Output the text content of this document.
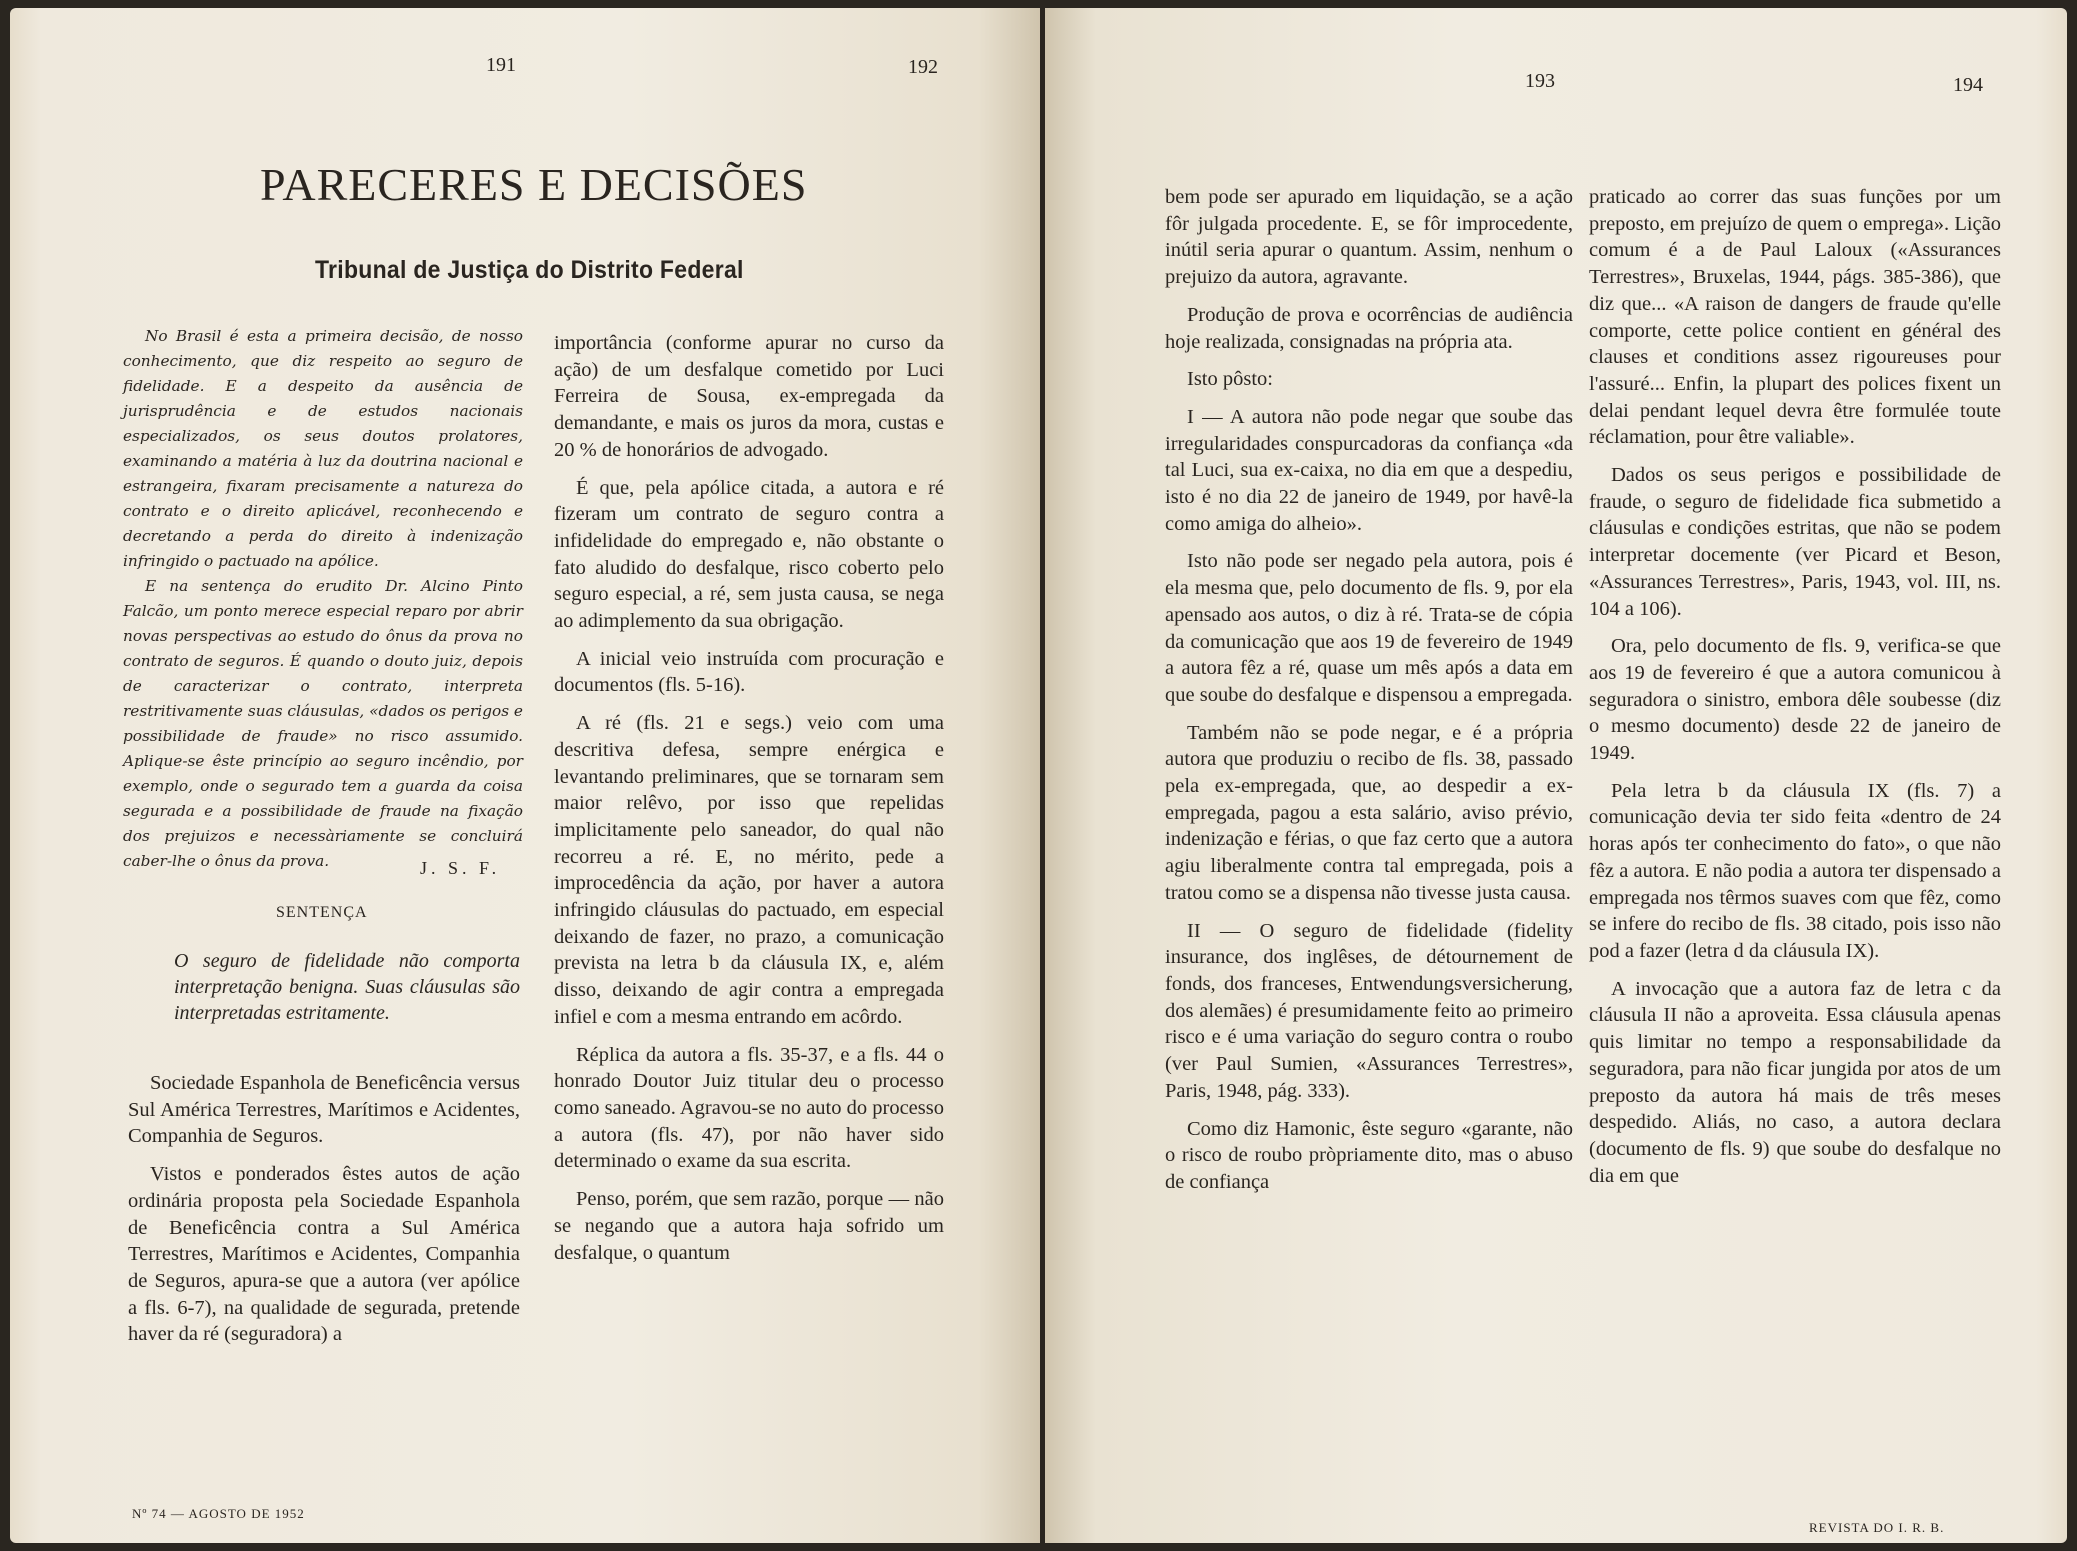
191	192
PARECERES E DECISÕES
Tribunal de Justiça do Distrito Federal

No Brasil é esta a primeira decisão, de nosso conhecimento, que diz respeito ao seguro de fidelidade. E a despeito da ausência de jurisprudência e de estudos nacionais especializados, os seus doutos prolatores, examinando a matéria à luz da doutrina nacional e estrangeira, fixaram precisamente a natureza do contrato e o direito aplicável, reconhecendo e decretando a perda do direito à indenização infringido o pactuado na apólice.

E na sentença do erudito Dr. Alcino Pinto Falcão, um ponto merece especial reparo por abrir novas perspectivas ao estudo do ônus da prova no contrato de seguros. É quando o douto juiz, depois de caracterizar o contrato, interpreta restritivamente suas cláusulas, «dados os perigos e possibilidade de fraude» no risco assumido. Aplique-se êste princípio ao seguro incêndio, por exemplo, onde o segurado tem a guarda da coisa segurada e a possibilidade de fraude na fixação dos prejuizos e necessàriamente se concluirá caber-lhe o ônus da prova.	J. S. F.
SENTENÇA
O seguro de fidelidade não comporta interpretação benigna. Suas cláusulas são interpretadas estritamente.

Sociedade Espanhola de Beneficência versus Sul América Terrestres, Marítimos e Acidentes, Companhia de Seguros.

Vistos e ponderados êstes autos de ação ordinária proposta pela Sociedade Espanhola de Beneficência contra a Sul América Terrestres, Marítimos e Acidentes, Companhia de Seguros, apura-se que a autora (ver apólice a fls. 6-7), na qualidade de segurada, pretende haver da ré (seguradora) a

importância (conforme apurar no curso da ação) de um desfalque cometido por Luci Ferreira de Sousa, ex-empregada da demandante, e mais os juros da mora, custas e 20 % de honorários de advogado.

É que, pela apólice citada, a autora e ré fizeram um contrato de seguro contra a infidelidade do empregado e, não obstante o fato aludido do desfalque, risco coberto pelo seguro especial, a ré, sem justa causa, se nega ao adimplemento da sua obrigação.

A inicial veio instruída com procuração e documentos (fls. 5-16).

A ré (fls. 21 e segs.) veio com uma descritiva defesa, sempre enérgica e levantando preliminares, que se tornaram sem maior relêvo, por isso que repelidas implicitamente pelo saneador, do qual não recorreu a ré. E, no mérito, pede a improcedência da ação, por haver a autora infringido cláusulas do pactuado, em especial deixando de fazer, no prazo, a comunicação prevista na letra b da cláusula IX, e, além disso, deixando de agir contra a empregada infiel e com a mesma entrando em acôrdo.

Réplica da autora a fls. 35-37, e a fls. 44 o honrado Doutor Juiz titular deu o processo como saneado. Agravou-se no auto do processo a autora (fls. 47), por não haver sido determinado o exame da sua escrita.

Penso, porém, que sem razão, porque — não se negando que a autora haja sofrido um desfalque, o quantum

Nº 74 — AGOSTO DE 1952
193	194

bem pode ser apurado em liquidação, se a ação fôr julgada procedente. E, se fôr improcedente, inútil seria apurar o quantum. Assim, nenhum o prejuizo da autora, agravante.

Produção de prova e ocorrências de audiência hoje realizada, consignadas na própria ata.

Isto pôsto:

I — A autora não pode negar que soube das irregularidades conspurcadoras da confiança «da tal Luci, sua ex-caixa, no dia em que a despediu, isto é no dia 22 de janeiro de 1949, por havê-la como amiga do alheio».

Isto não pode ser negado pela autora, pois é ela mesma que, pelo documento de fls. 9, por ela apensado aos autos, o diz à ré. Trata-se de cópia da comunicação que aos 19 de fevereiro de 1949 a autora fêz a ré, quase um mês após a data em que soube do desfalque e dispensou a empregada.

Também não se pode negar, e é a própria autora que produziu o recibo de fls. 38, passado pela ex-empregada, que, ao despedir a ex-empregada, pagou a esta salário, aviso prévio, indenização e férias, o que faz certo que a autora agiu liberalmente contra tal empregada, pois a tratou como se a dispensa não tivesse justa causa.

II — O seguro de fidelidade (fidelity insurance, dos inglêses, de détournement de fonds, dos franceses, Entwendungsversicherung, dos alemães) é presumidamente feito ao primeiro risco e é uma variação do seguro contra o roubo (ver Paul Sumien, «Assurances Terrestres», Paris, 1948, pág. 333).

Como diz Hamonic, êste seguro «garante, não o risco de roubo pròpriamente dito, mas o abuso de confiança

praticado ao correr das suas funções por um preposto, em prejuízo de quem o emprega». Lição comum é a de Paul Laloux («Assurances Terrestres», Bruxelas, 1944, págs. 385-386), que diz que... «A raison de dangers de fraude qu'elle comporte, cette police contient en général des clauses et conditions assez rigoureuses pour l'assuré... Enfin, la plupart des polices fixent un delai pendant lequel devra être formulée toute réclamation, pour être valiable».

Dados os seus perigos e possibilidade de fraude, o seguro de fidelidade fica submetido a cláusulas e condições estritas, que não se podem interpretar docemente (ver Picard et Beson, «Assurances Terrestres», Paris, 1943, vol. III, ns. 104 a 106).

Ora, pelo documento de fls. 9, verifica-se que aos 19 de fevereiro é que a autora comunicou à seguradora o sinistro, embora dêle soubesse (diz o mesmo documento) desde 22 de janeiro de 1949.

Pela letra b da cláusula IX (fls. 7) a comunicação devia ter sido feita «dentro de 24 horas após ter conhecimento do fato», o que não fêz a autora. E não podia a autora ter dispensado a empregada nos têrmos suaves com que fêz, como se infere do recibo de fls. 38 citado, pois isso não pod a fazer (letra d da cláusula IX).

A invocação que a autora faz de letra c da cláusula II não a aproveita. Essa cláusula apenas quis limitar no tempo a responsabilidade da seguradora, para não ficar jungida por atos de um preposto da autora há mais de três meses despedido. Aliás, no caso, a autora declara (documento de fls. 9) que soube do desfalque no dia em que

REVISTA DO I. R. B.
